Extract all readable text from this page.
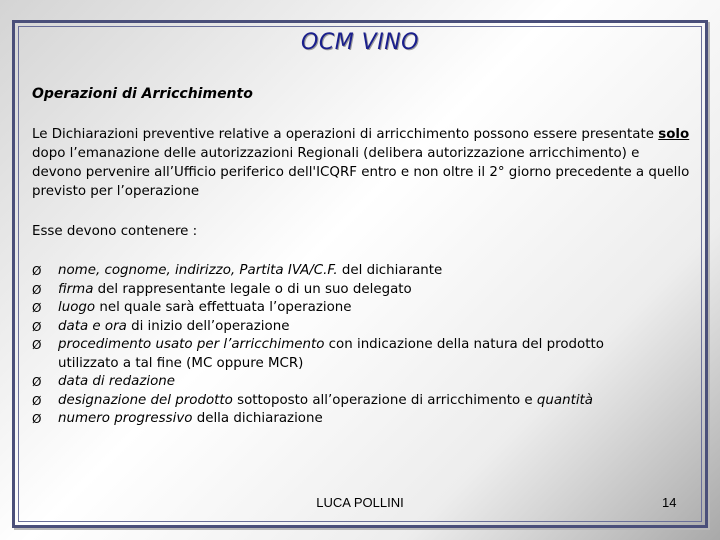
OCM VINO
Operazioni di Arricchimento
Le Dichiarazioni preventive relative a operazioni di arricchimento possono essere presentate solo dopo l’emanazione delle autorizzazioni Regionali (delibera autorizzazione arricchimento) e devono pervenire all’Ufficio periferico dell'ICQRF entro e non oltre il 2° giorno precedente a quello previsto per l’operazione
Esse devono contenere :
Ø	nome, cognome, indirizzo, Partita IVA/C.F. del dichiarante
Ø	firma del rappresentante legale o di un suo delegato
Ø	luogo nel quale sarà effettuata l’operazione
Ø	data e ora di inizio dell’operazione
Ø	procedimento usato per l’arricchimento con indicazione della natura del prodotto
utilizzato a tal fine (MC oppure MCR)
Ø	data di redazione
Ø	designazione del prodotto sottoposto all’operazione di arricchimento e quantità
Ø	numero progressivo della dichiarazione
LUCA POLLINI	14
